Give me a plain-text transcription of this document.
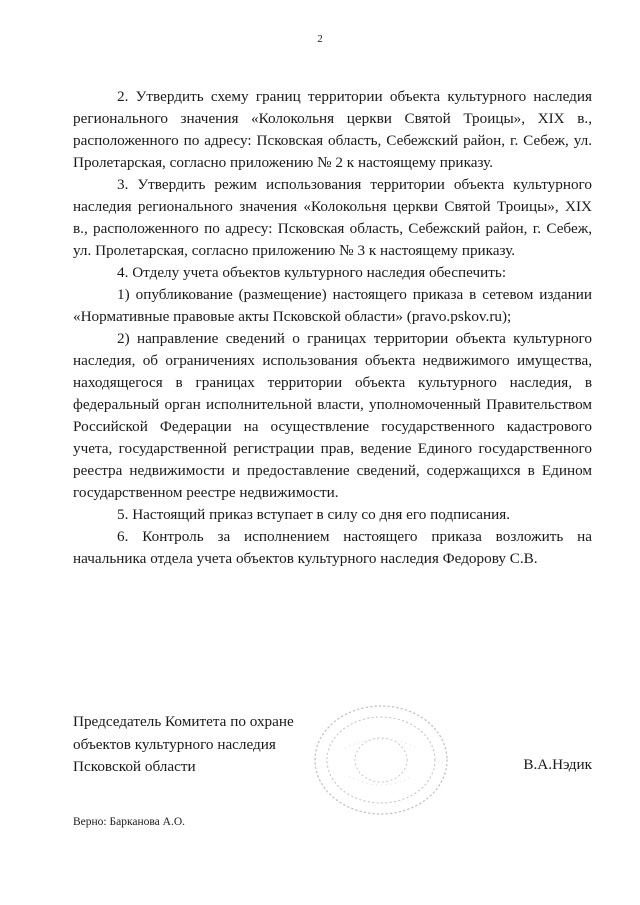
2

2. Утвердить схему границ территории объекта культурного наследия регионального значения «Колокольня церкви Святой Троицы», XIX в., расположенного по адресу: Псковская область, Себежский район, г. Себеж, ул. Пролетарская, согласно приложению № 2 к настоящему приказу.

3. Утвердить режим использования территории объекта культурного наследия регионального значения «Колокольня церкви Святой Троицы», XIX в., расположенного по адресу: Псковская область, Себежский район, г. Себеж, ул. Пролетарская, согласно приложению № 3 к настоящему приказу.

4. Отделу учета объектов культурного наследия обеспечить:

1) опубликование (размещение) настоящего приказа в сетевом издании «Нормативные правовые акты Псковской области» (pravo.pskov.ru);

2) направление сведений о границах территории объекта культурного наследия, об ограничениях использования объекта недвижимого имущества, находящегося в границах территории объекта культурного наследия, в федеральный орган исполнительной власти, уполномоченный Правительством Российской Федерации на осуществление государственного кадастрового учета, государственной регистрации прав, ведение Единого государственного реестра недвижимости и предоставление сведений, содержащихся в Едином государственном реестре недвижимости.

5. Настоящий приказ вступает в силу со дня его подписания.

6. Контроль за исполнением настоящего приказа возложить на начальника отдела учета объектов культурного наследия Федорову С.В.

Председатель Комитета по охране
объектов культурного наследия
Псковской области	В.А.Нэдик
Верно: Барканова А.О.
